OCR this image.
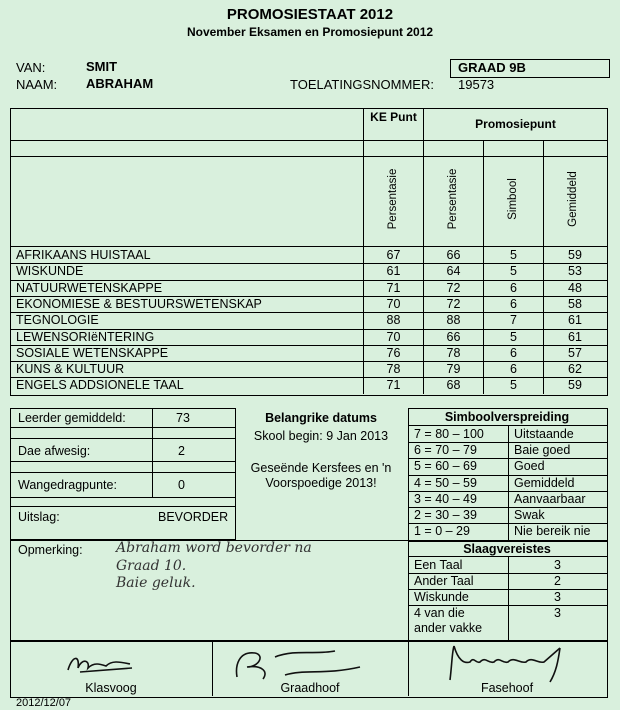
PROMOSIESTAAT 2012
November Eksamen en Promosiepunt 2012
VAN:	SMIT
NAAM: ABRAHAM
GRAAD 9B
TOELATINGSNOMMER: 19573
KE Punt	Promosiepunt
Persentasie	Persentasie	Simbool	Gemiddeld
AFRIKAANS HUISTAAL	67	66	5	59
WISKUNDE	61	64	5	53
NATUURWETENSKAPPE	71	72	6	48
EKONOMIESE & BESTUURSWETENSKAP	70	72	6	58
TEGNOLOGIE	88	88	7	61
LEWENSORIëNTERING	70	66	5	61
SOSIALE WETENSKAPPE	76	78	6	57
KUNS & KULTUUR	78	79	6	62
ENGELS ADDSIONELE TAAL	71	68	5	59
Leerder gemiddeld:	73
Dae afwesig:	2
Wangedragpunte:	0
Uitslag:	BEVORDER
Belangrike datums
Skool begin: 9 Jan 2013
Geseënde Kersfees en 'n
Voorspoedige 2013!
Simboolverspreiding
7 = 80 – 100 Uitstaande
6 = 70 – 79	Baie goed
5 = 60 – 69	Goed
4 = 50 – 59	Gemiddeld
3 = 40 – 49	Aanvaarbaar
2 = 30 – 39	Swak
1 = 0 – 29	Nie bereik nie
Opmerking: Abraham word bevorder na
Graad 10.
Baie geluk.
Slaagvereistes
Een Taal	3
Ander Taal	2
Wiskunde	3
4 van die
ander vakke
3
Klasvoog	Graadhoof	Fasehoof
2012/12/07
